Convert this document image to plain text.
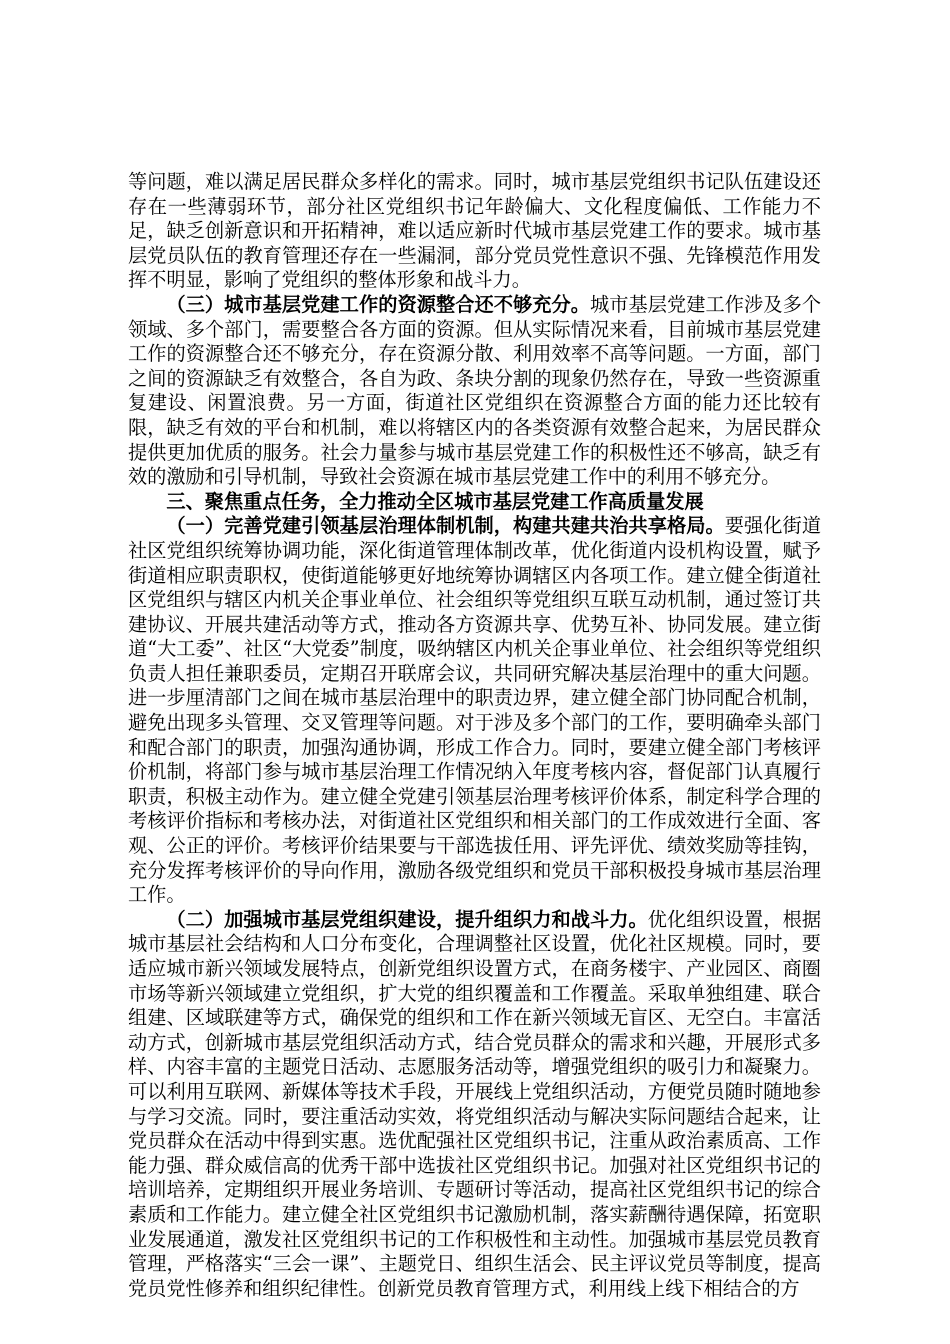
等问题，难以满足居民群众多样化的需求。同时，城市基层党组织书记队伍建设还存在一些薄弱环节，部分社区党组织书记年龄偏大、文化程度偏低、工作能力不足，缺乏创新意识和开拓精神，难以适应新时代城市基层党建工作的要求。城市基层党员队伍的教育管理还存在一些漏洞，部分党员党性意识不强、先锋模范作用发挥不明显，影响了党组织的整体形象和战斗力。

（三）城市基层党建工作的资源整合还不够充分。城市基层党建工作涉及多个领域、多个部门，需要整合各方面的资源。但从实际情况来看，目前城市基层党建工作的资源整合还不够充分，存在资源分散、利用效率不高等问题。一方面，部门之间的资源缺乏有效整合，各自为政、条块分割的现象仍然存在，导致一些资源重复建设、闲置浪费。另一方面，街道社区党组织在资源整合方面的能力还比较有限，缺乏有效的平台和机制，难以将辖区内的各类资源有效整合起来，为居民群众提供更加优质的服务。社会力量参与城市基层党建工作的积极性还不够高，缺乏有效的激励和引导机制，导致社会资源在城市基层党建工作中的利用不够充分。

三、聚焦重点任务，全力推动全区城市基层党建工作高质量发展

（一）完善党建引领基层治理体制机制，构建共建共治共享格局。要强化街道社区党组织统筹协调功能，深化街道管理体制改革，优化街道内设机构设置，赋予街道相应职责职权，使街道能够更好地统筹协调辖区内各项工作。建立健全街道社区党组织与辖区内机关企事业单位、社会组织等党组织互联互动机制，通过签订共建协议、开展共建活动等方式，推动各方资源共享、优势互补、协同发展。建立街道“大工委”、社区“大党委”制度，吸纳辖区内机关企事业单位、社会组织等党组织负责人担任兼职委员，定期召开联席会议，共同研究解决基层治理中的重大问题。进一步厘清部门之间在城市基层治理中的职责边界，建立健全部门协同配合机制，避免出现多头管理、交叉管理等问题。对于涉及多个部门的工作，要明确牵头部门和配合部门的职责，加强沟通协调，形成工作合力。同时，要建立健全部门考核评价机制，将部门参与城市基层治理工作情况纳入年度考核内容，督促部门认真履行职责，积极主动作为。建立健全党建引领基层治理考核评价体系，制定科学合理的考核评价指标和考核办法，对街道社区党组织和相关部门的工作成效进行全面、客观、公正的评价。考核评价结果要与干部选拔任用、评先评优、绩效奖励等挂钩，充分发挥考核评价的导向作用，激励各级党组织和党员干部积极投身城市基层治理工作。

（二）加强城市基层党组织建设，提升组织力和战斗力。优化组织设置，根据城市基层社会结构和人口分布变化，合理调整社区设置，优化社区规模。同时，要适应城市新兴领域发展特点，创新党组织设置方式，在商务楼宇、产业园区、商圈市场等新兴领域建立党组织，扩大党的组织覆盖和工作覆盖。采取单独组建、联合组建、区域联建等方式，确保党的组织和工作在新兴领域无盲区、无空白。丰富活动方式，创新城市基层党组织活动方式，结合党员群众的需求和兴趣，开展形式多样、内容丰富的主题党日活动、志愿服务活动等，增强党组织的吸引力和凝聚力。可以利用互联网、新媒体等技术手段，开展线上党组织活动，方便党员随时随地参与学习交流。同时，要注重活动实效，将党组织活动与解决实际问题结合起来，让党员群众在活动中得到实惠。选优配强社区党组织书记，注重从政治素质高、工作能力强、群众威信高的优秀干部中选拔社区党组织书记。加强对社区党组织书记的培训培养，定期组织开展业务培训、专题研讨等活动，提高社区党组织书记的综合素质和工作能力。建立健全社区党组织书记激励机制，落实薪酬待遇保障，拓宽职业发展通道，激发社区党组织书记的工作积极性和主动性。加强城市基层党员教育管理，严格落实“三会一课”、主题党日、组织生活会、民主评议党员等制度，提高党员党性修养和组织纪律性。创新党员教育管理方式，利用线上线下相结合的方
